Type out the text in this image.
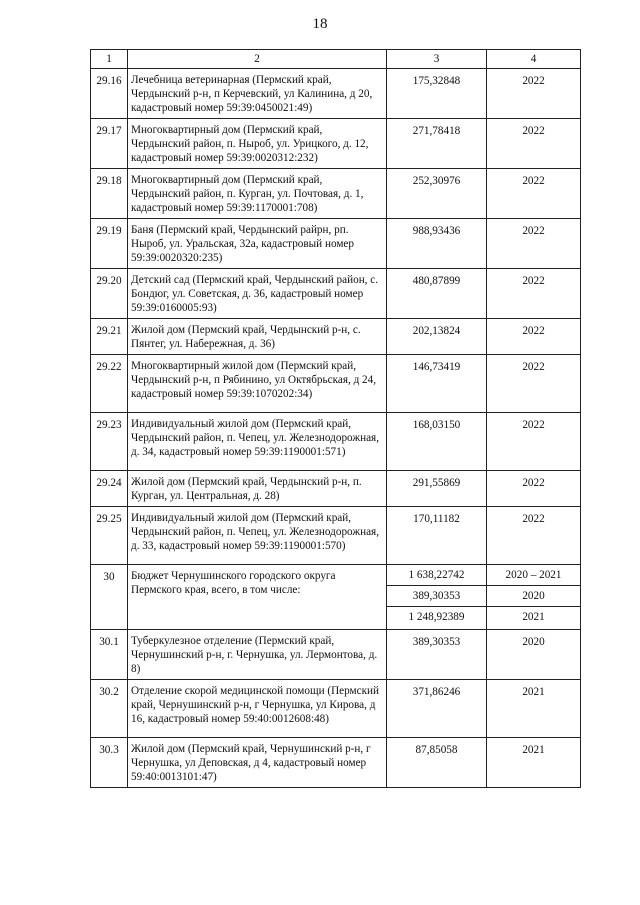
18
1	2	3	4
29.16	Лечебница ветеринарная (Пермский край, Чердынский р-н, п Керчевский, ул Калинина, д 20, кадастровый номер 59:39:0450021:49)	175,32848	2022
29.17	Многоквартирный дом (Пермский край, Чердынский район, п. Ныроб, ул. Урицкого, д. 12, кадастровый номер 59:39:0020312:232)	271,78418	2022
29.18	Многоквартирный дом (Пермский край, Чердынский район, п. Курган, ул. Почтовая, д. 1, кадастровый номер 59:39:1170001:708)	252,30976	2022
29.19	Баня (Пермский край, Чердынский райрн, рп. Ныроб, ул. Уральская, 32а, кадастровый номер 59:39:0020320:235)	988,93436	2022
29.20	Детский сад (Пермский край, Чердынский район, с. Бондюг, ул. Советская, д. 36, кадастровый номер 59:39:0160005:93)	480,87899	2022
29.21	Жилой дом (Пермский край, Чердынский р-н, с. Пянтег, ул. Набережная, д. 36)	202,13824	2022
29.22	Многоквартирный жилой дом (Пермский край, Чердынский р-н, п Рябинино, ул Октябрьская, д 24, кадастровый номер 59:39:1070202:34)	146,73419	2022
29.23	Индивидуальный жилой дом (Пермский край, Чердынский район, п. Чепец, ул. Железнодорожная, д. 34, кадастровый номер 59:39:1190001:571)	168,03150	2022
29.24	Жилой дом (Пермский край, Чердынский р-н, п. Курган, ул. Центральная, д. 28)	291,55869	2022
29.25	Индивидуальный жилой дом (Пермский край, Чердынский район, п. Чепец, ул. Железнодорожная, д. 33, кадастровый номер 59:39:1190001:570)	170,11182	2022
30	Бюджет Чернушинского городского округа Пермского края, всего, в том числе:	1 638,22742	2020 – 2021
		389,30353	2020
		1 248,92389	2021
30.1	Туберкулезное отделение (Пермский край, Чернушинский р-н, г. Чернушка, ул. Лермонтова, д. 8)	389,30353	2020
30.2	Отделение скорой медицинской помощи (Пермский край, Чернушинский р-н, г Чернушка, ул Кирова, д 16, кадастровый номер 59:40:0012608:48)	371,86246	2021
30.3	Жилой дом (Пермский край, Чернушинский р-н, г Чернушка, ул Деповская, д 4, кадастровый номер 59:40:0013101:47)	87,85058	2021
